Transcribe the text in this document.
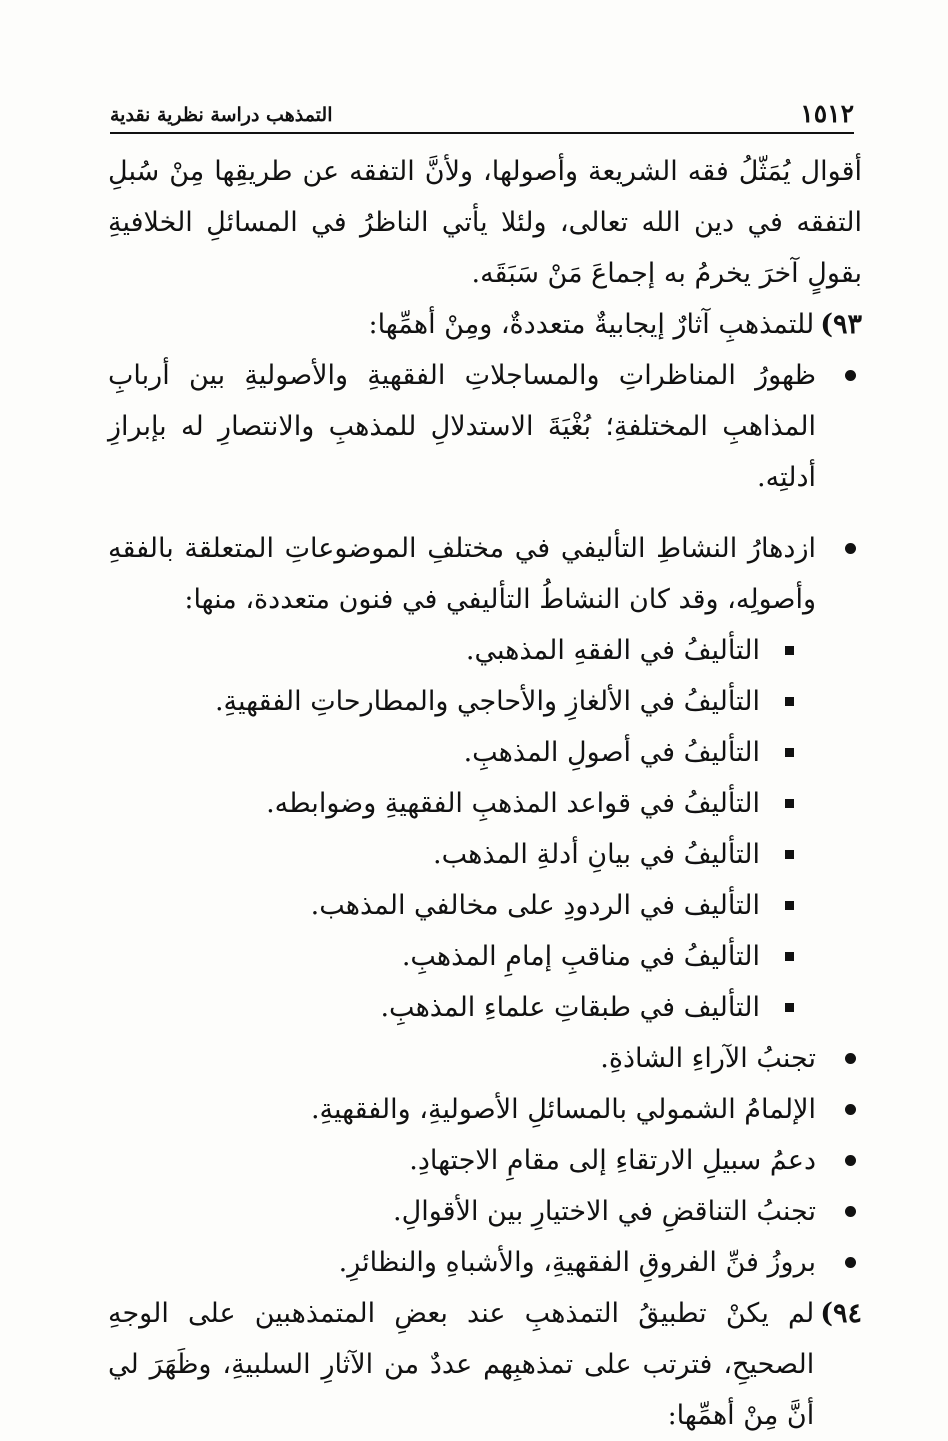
١٥١٢
التمذهب دراسة نظرية نقدية

أقوال يُمَثّلُ فقه الشريعة وأصولها، ولأنَّ التفقه عن طريقِها مِنْ سُبلِ التفقه في دين الله تعالى، ولئلا يأتي الناظرُ في المسائلِ الخلافيةِ بقولٍ آخرَ يخرمُ به إجماعَ مَنْ سَبَقَه.

٩٣)
للتمذهبِ آثارٌ إيجابيةٌ متعددةٌ، ومِنْ أهمِّها:
ظهورُ المناظراتِ والمساجلاتِ الفقهيةِ والأصوليةِ بين أربابِ المذاهبِ المختلفةِ؛ بُغْيَةَ الاستدلالِ للمذهبِ والانتصارِ له بإبرازِ أدلتِه.
ازدهارُ النشاطِ التأليفي في مختلفِ الموضوعاتِ المتعلقة بالفقهِ وأصولِه، وقد كان النشاطُ التأليفي في فنون متعددة، منها:
التأليفُ في الفقهِ المذهبي.
التأليفُ في الألغازِ والأحاجي والمطارحاتِ الفقهيةِ.
التأليفُ في أصولِ المذهبِ.
التأليفُ في قواعد المذهبِ الفقهيةِ وضوابطه.
التأليفُ في بيانِ أدلةِ المذهب.
التأليف في الردودِ على مخالفي المذهب.
التأليفُ في مناقبِ إمامِ المذهبِ.
التأليف في طبقاتِ علماءِ المذهبِ.
تجنبُ الآراءِ الشاذةِ.
الإلمامُ الشمولي بالمسائلِ الأصوليةِ، والفقهيةِ.
دعمُ سبيلِ الارتقاءِ إلى مقامِ الاجتهادِ.
تجنبُ التناقضِ في الاختيارِ بين الأقوالِ.
بروزُ فنِّ الفروقِ الفقهيةِ، والأشباهِ والنظائرِ.
٩٤)
لم يكنْ تطبيقُ التمذهبِ عند بعضِ المتمذهبين على الوجهِ الصحيحِ، فترتب على تمذهبِهم عددٌ من الآثارِ السلبيةِ، وظَهَرَ لي أنَّ مِنْ أهمِّها:
